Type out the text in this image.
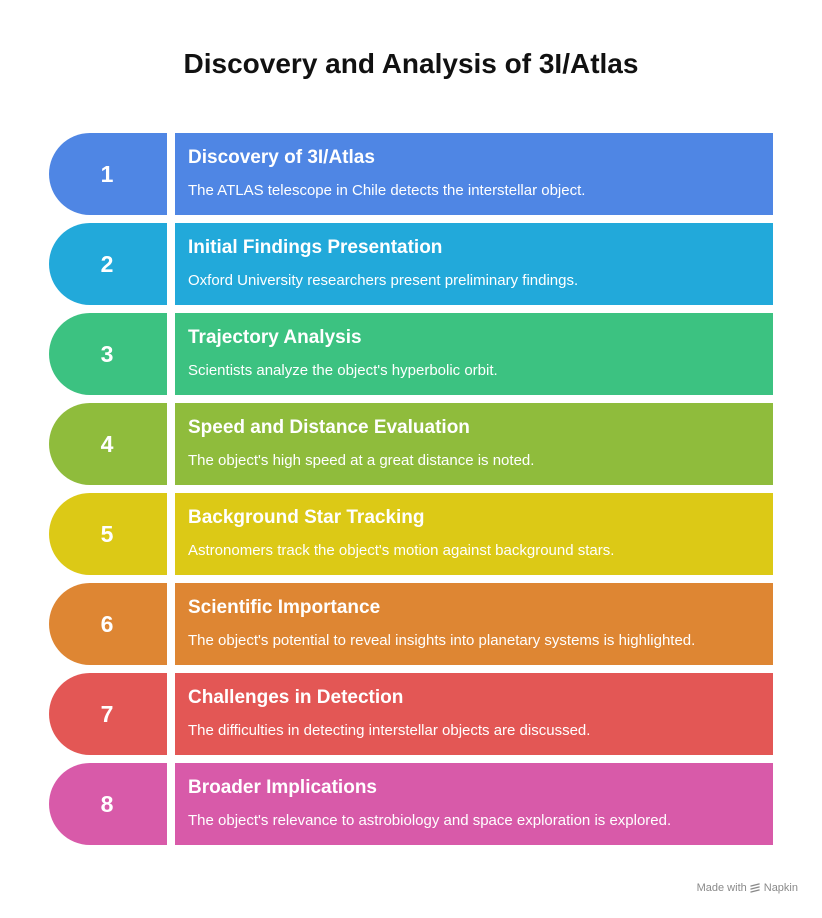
Discovery and Analysis of 3I/Atlas
1
Discovery of 3I/Atlas
The ATLAS telescope in Chile detects the interstellar object.
2
Initial Findings Presentation
Oxford University researchers present preliminary findings.
3
Trajectory Analysis
Scientists analyze the object's hyperbolic orbit.
4
Speed and Distance Evaluation
The object's high speed at a great distance is noted.
5
Background Star Tracking
Astronomers track the object's motion against background stars.
6
Scientific Importance
The object's potential to reveal insights into planetary systems is highlighted.
7
Challenges in Detection
The difficulties in detecting interstellar objects are discussed.
8
Broader Implications
The object's relevance to astrobiology and space exploration is explored.
Made with Napkin
